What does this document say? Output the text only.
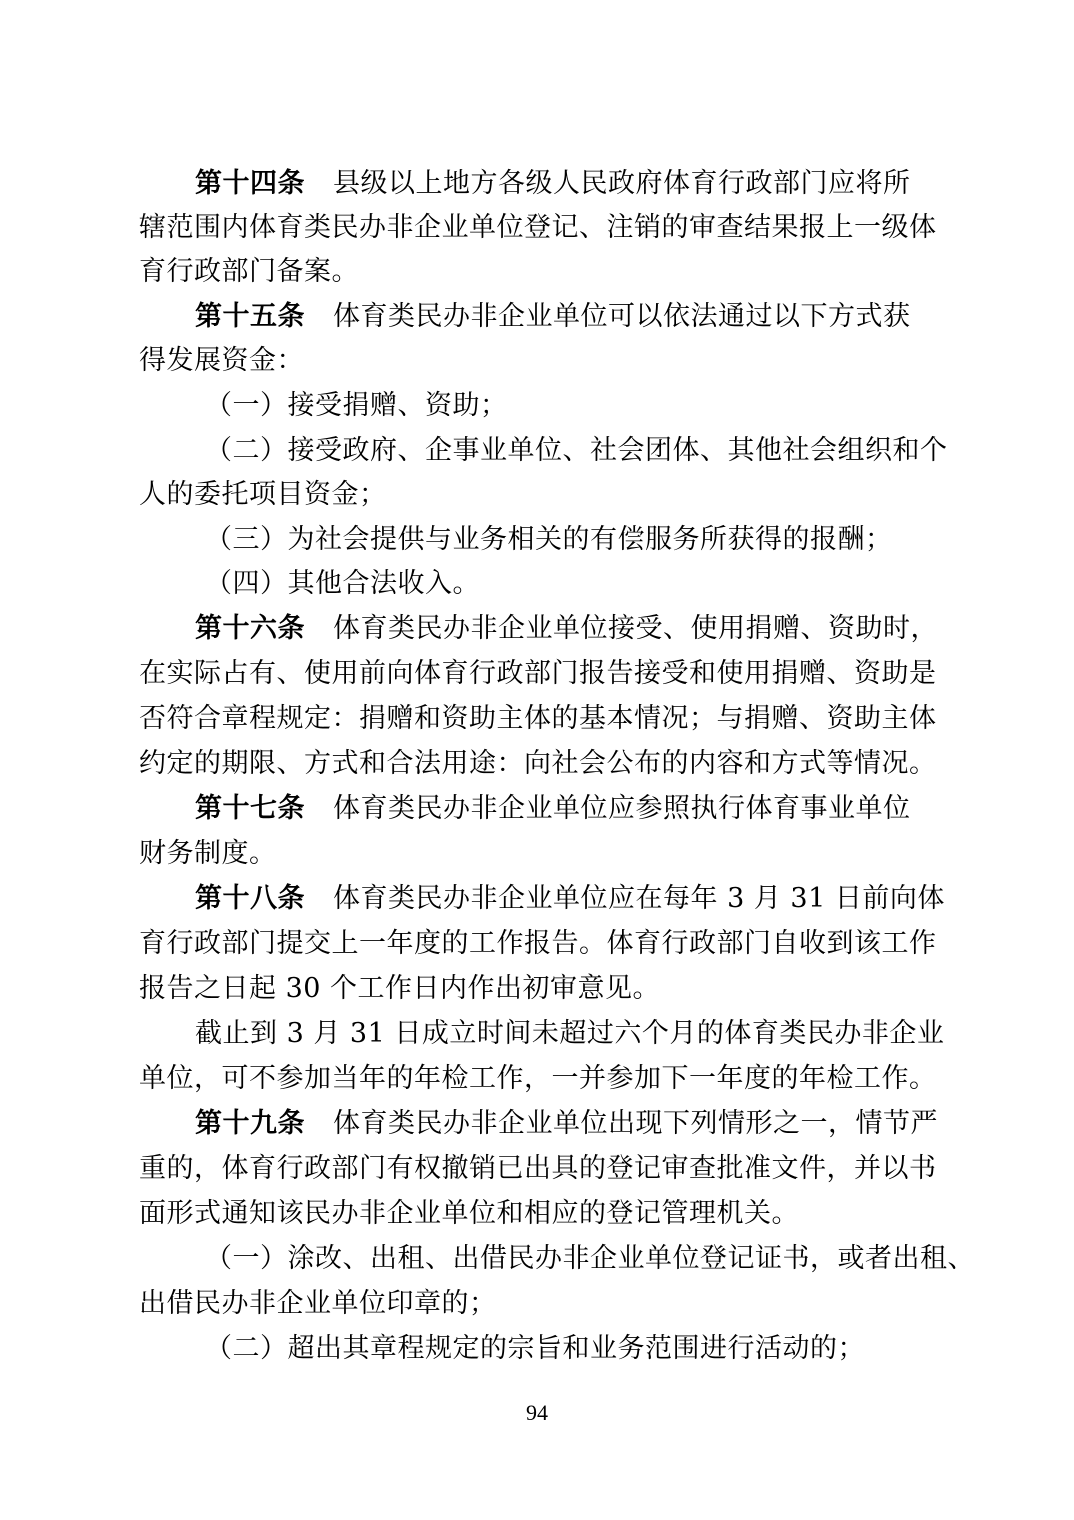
第十四条 县级以上地方各级人民政府体育行政部门应将所
辖范围内体育类民办非企业单位登记、注销的审查结果报上一级体
育行政部门备案。
第十五条 体育类民办非企业单位可以依法通过以下方式获
得发展资金：
（一）接受捐赠、资助；
（二）接受政府、企事业单位、社会团体、其他社会组织和个
人的委托项目资金；
（三）为社会提供与业务相关的有偿服务所获得的报酬；
（四）其他合法收入。
第十六条 体育类民办非企业单位接受、使用捐赠、资助时，
在实际占有、使用前向体育行政部门报告接受和使用捐赠、资助是
否符合章程规定：捐赠和资助主体的基本情况；与捐赠、资助主体
约定的期限、方式和合法用途：向社会公布的内容和方式等情况。
第十七条 体育类民办非企业单位应参照执行体育事业单位
财务制度。
第十八条 体育类民办非企业单位应在每年 3 月 31 日前向体
育行政部门提交上一年度的工作报告。体育行政部门自收到该工作
报告之日起 30 个工作日内作出初审意见。
截止到 3 月 31 日成立时间未超过六个月的体育类民办非企业
单位，可不参加当年的年检工作，一并参加下一年度的年检工作。
第十九条 体育类民办非企业单位出现下列情形之一，情节严
重的，体育行政部门有权撤销已出具的登记审查批准文件，并以书
面形式通知该民办非企业单位和相应的登记管理机关。
（一）涂改、出租、出借民办非企业单位登记证书，或者出租、
出借民办非企业单位印章的；
（二）超出其章程规定的宗旨和业务范围进行活动的；
94
